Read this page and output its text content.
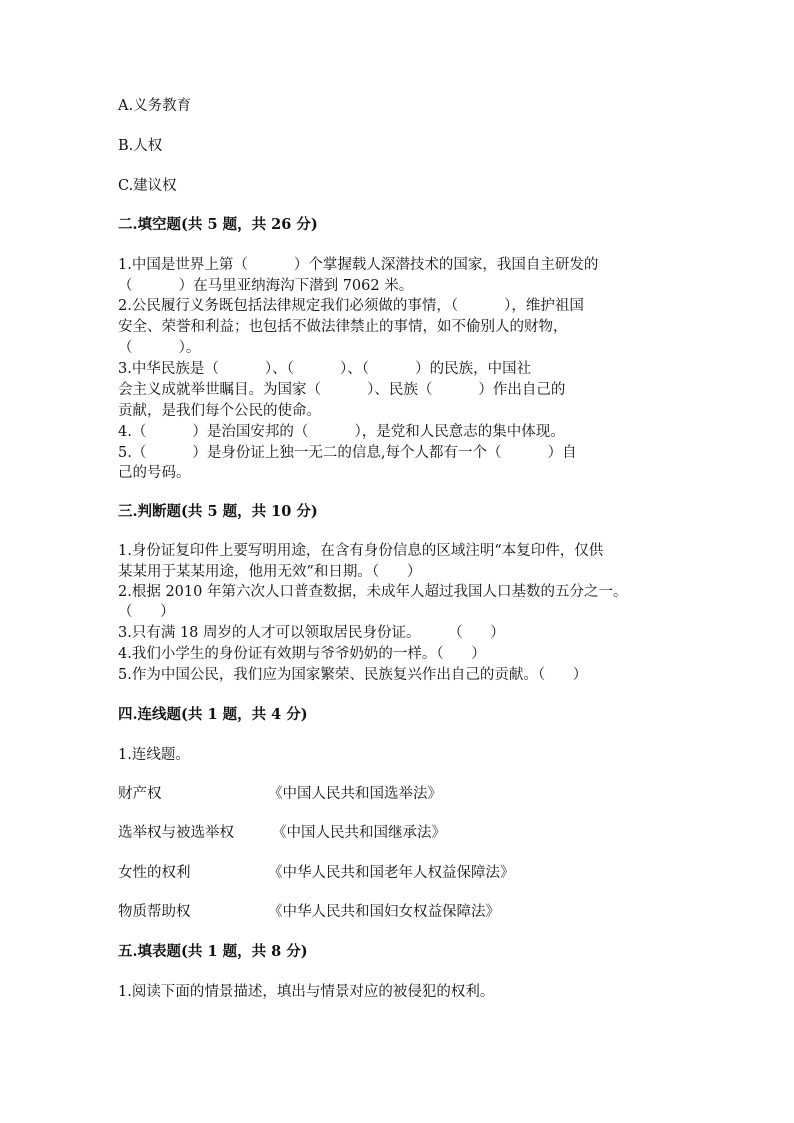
A.义务教育

B.人权

C.建议权

二.填空题(共 5 题，共 26 分)

1.中国是世界上第（          ）个掌握载人深潜技术的国家，我国自主研发的

（          ）在马里亚纳海沟下潜到 7062 米。

2.公民履行义务既包括法律规定我们必须做的事情，（          ），维护祖国

安全、荣誉和利益；也包括不做法律禁止的事情，如不偷别人的财物，

（          ）。

3.中华民族是（          ）、（          ）、（          ）的民族，中国社

会主义成就举世瞩目。为国家（          ）、民族（          ）作出自己的

贡献，是我们每个公民的使命。

4.（          ）是治国安邦的（          ），是党和人民意志的集中体现。

5.（          ）是身份证上独一无二的信息,每个人都有一个（          ）自

己的号码。

三.判断题(共 5 题，共 10 分)

1.身份证复印件上要写明用途，在含有身份信息的区域注明“本复印件，仅供

某某用于某某用途，他用无效”和日期。（      ）

2.根据 2010 年第六次人口普查数据，未成年人超过我国人口基数的五分之一。

（      ）

3.只有满 18 周岁的人才可以领取居民身份证。      （      ）

4.我们小学生的身份证有效期与爷爷奶奶的一样。（      ）

5.作为中国公民，我们应为国家繁荣、民族复兴作出自己的贡献。（      ）

四.连线题(共 1 题，共 4 分)

1.连线题。

财产权	《中国人民共和国选举法》

选举权与被选举权	《中国人民共和国继承法》

女性的权利	《中华人民共和国老年人权益保障法》

物质帮助权	《中华人民共和国妇女权益保障法》

五.填表题(共 1 题，共 8 分)

1.阅读下面的情景描述，填出与情景对应的被侵犯的权利。
